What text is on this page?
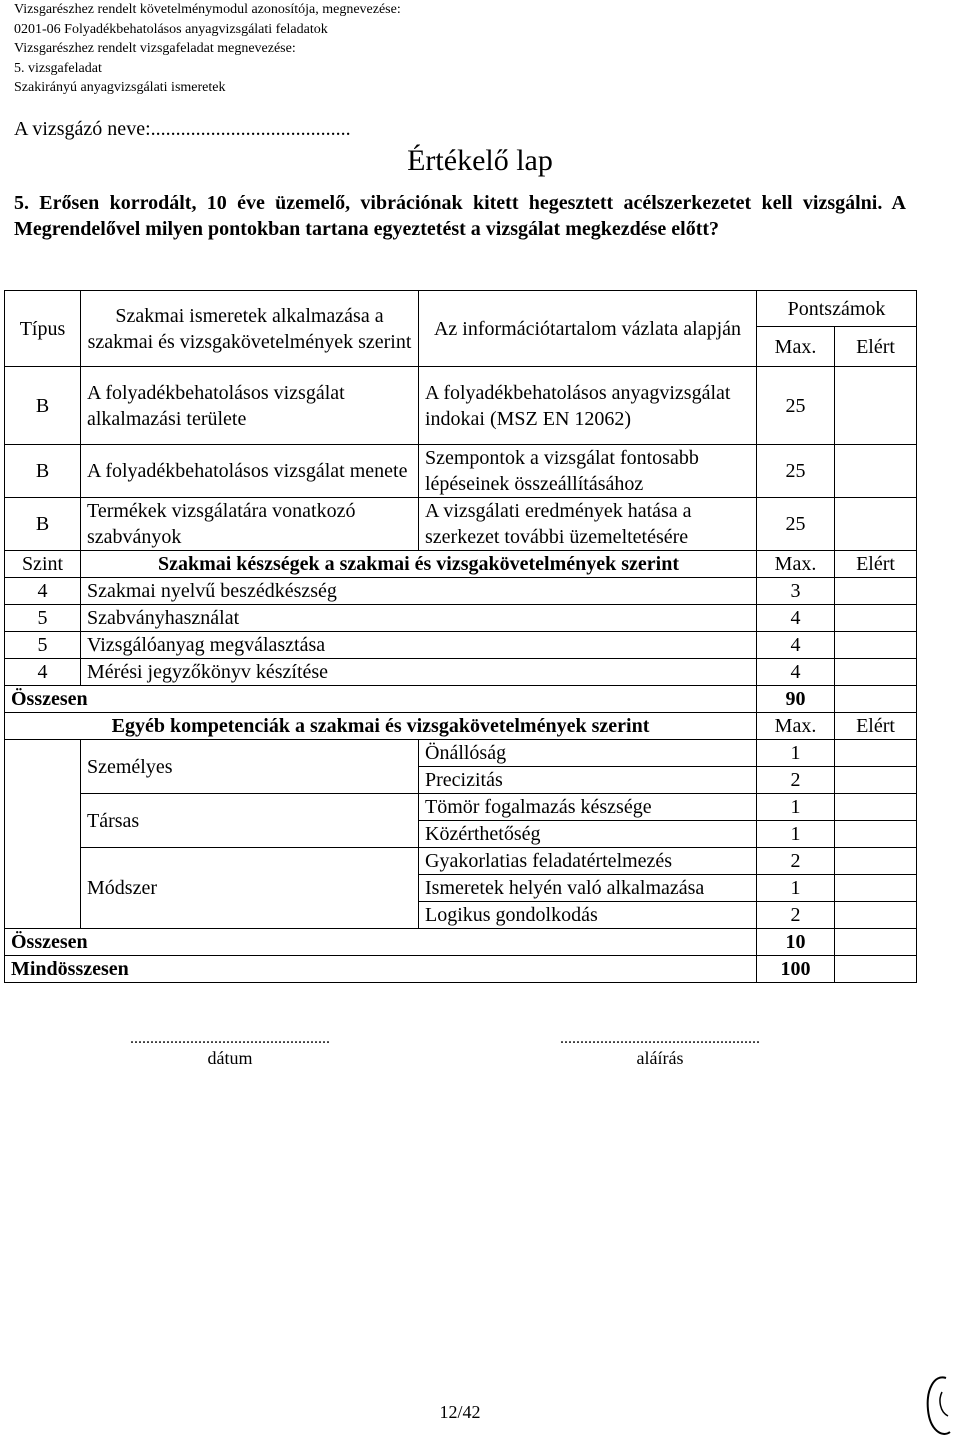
Vizsgarészhez rendelt követelménymodul azonosítója, megnevezése:
0201-06 Folyadékbehatolásos anyagvizsgálati feladatok
Vizsgarészhez rendelt vizsgafeladat megnevezése:
5. vizsgafeladat
Szakirányú anyagvizsgálati ismeretek
A vizsgázó neve:........................................
Értékelő lap
5. Erősen korrodált, 10 éve üzemelő, vibrációnak kitett hegesztett acélszerkezetet kell vizsgálni. A Megrendelővel milyen pontokban tartana egyeztetést a vizsgálat megkezdése előtt?
Típus	Szakmai ismeretek alkalmazása a szakmai és vizsgakövetelmények szerint	Az információtartalom vázlata alapján	Pontszámok	
			Max.	Elért
B	A folyadékbehatolásos vizsgálat alkalmazási területe	A folyadékbehatolásos anyagvizsgálat indokai (MSZ EN 12062)	25	
B	A folyadékbehatolásos vizsgálat menete	Szempontok a vizsgálat fontosabb lépéseinek összeállításához	25	
B	Termékek vizsgálatára vonatkozó szabványok	A vizsgálati eredmények hatása a szerkezet további üzemeltetésére	25	
Szint	Szakmai készségek a szakmai és vizsgakövetelmények szerint		Max.	Elért
4	Szakmai nyelvű beszédkészség		3	
5	Szabványhasználat		4	
5	Vizsgálóanyag megválasztása		4	
4	Mérési jegyzőkönyv készítése		4	
Összesen			90	
Egyéb kompetenciák a szakmai és vizsgakövetelmények szerint			Max.	Elért
	Személyes	Önállóság	1	
		Precizitás	2	
	Társas	Tömör fogalmazás készsége	1	
		Közérthetőség	1	
	Módszer	Gyakorlatias feladatértelmezés	2	
		Ismeretek helyén való alkalmazása	1	
		Logikus gondolkodás	2	
Összesen			10	
Mindösszesen			100	
..................................................
dátum
..................................................
aláírás
12/42
